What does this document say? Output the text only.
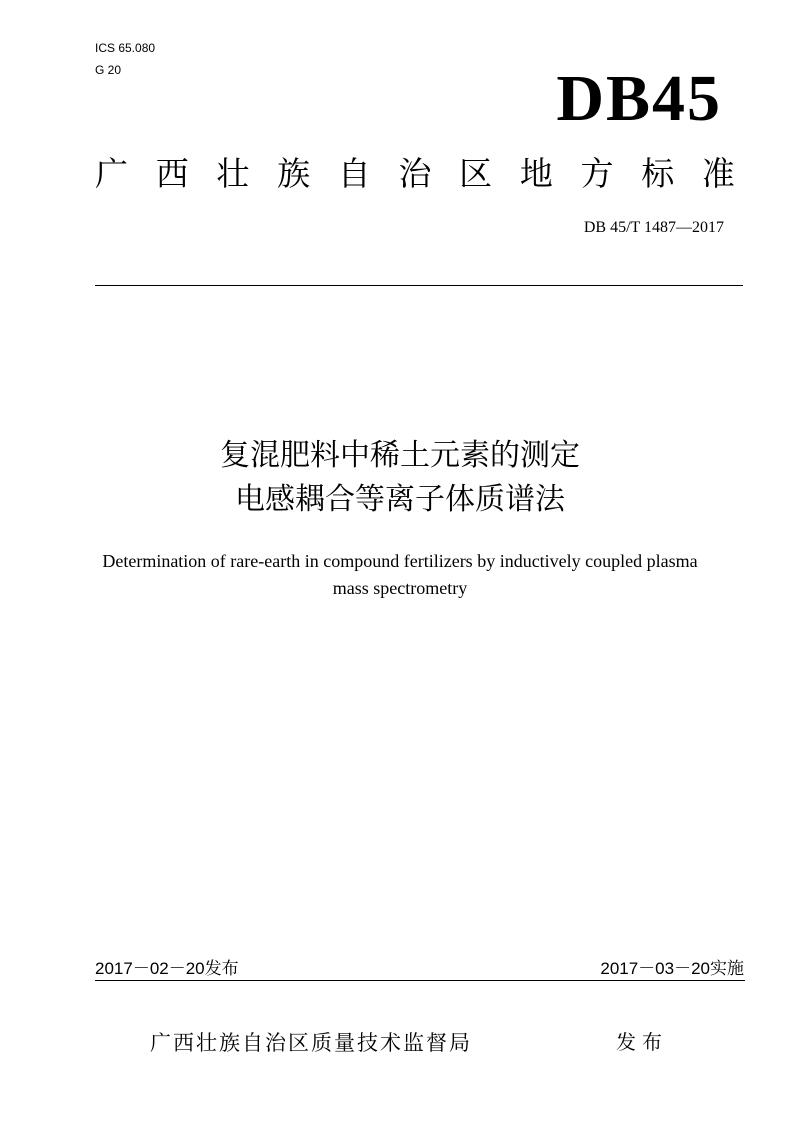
ICS 65.080
G 20	DB45
广 西 壮 族 自 治 区 地 方 标 准
DB 45/T 1487—2017
复混肥料中稀土元素的测定
电感耦合等离子体质谱法
Determination of rare-earth in compound fertilizers by inductively coupled plasma
mass spectrometry
2017－02－20发布	2017－03－20实施
广西壮族自治区质量技术监督局	发布
